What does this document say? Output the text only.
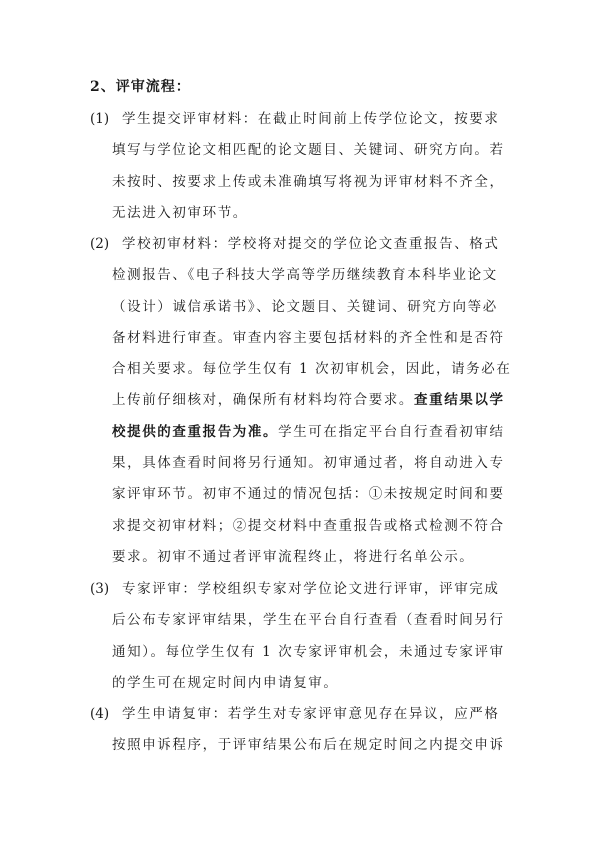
2、评审流程：
(1) 学生提交评审材料：在截止时间前上传学位论文，按要求
填写与学位论文相匹配的论文题目、关键词、研究方向。若
未按时、按要求上传或未准确填写将视为评审材料不齐全，
无法进入初审环节。
(2) 学校初审材料：学校将对提交的学位论文查重报告、格式
检测报告、《电子科技大学高等学历继续教育本科毕业论文
（设计）诚信承诺书》、论文题目、关键词、研究方向等必
备材料进行审查。审查内容主要包括材料的齐全性和是否符
合相关要求。每位学生仅有 1 次初审机会，因此，请务必在
上传前仔细核对，确保所有材料均符合要求。查重结果以学
校提供的查重报告为准。学生可在指定平台自行查看初审结
果，具体查看时间将另行通知。初审通过者，将自动进入专
家评审环节。初审不通过的情况包括：①未按规定时间和要
求提交初审材料；②提交材料中查重报告或格式检测不符合
要求。初审不通过者评审流程终止，将进行名单公示。
(3) 专家评审：学校组织专家对学位论文进行评审，评审完成
后公布专家评审结果，学生在平台自行查看（查看时间另行
通知）。每位学生仅有 1 次专家评审机会，未通过专家评审
的学生可在规定时间内申请复审。
(4) 学生申请复审：若学生对专家评审意见存在异议，应严格
按照申诉程序，于评审结果公布后在规定时间之内提交申诉
